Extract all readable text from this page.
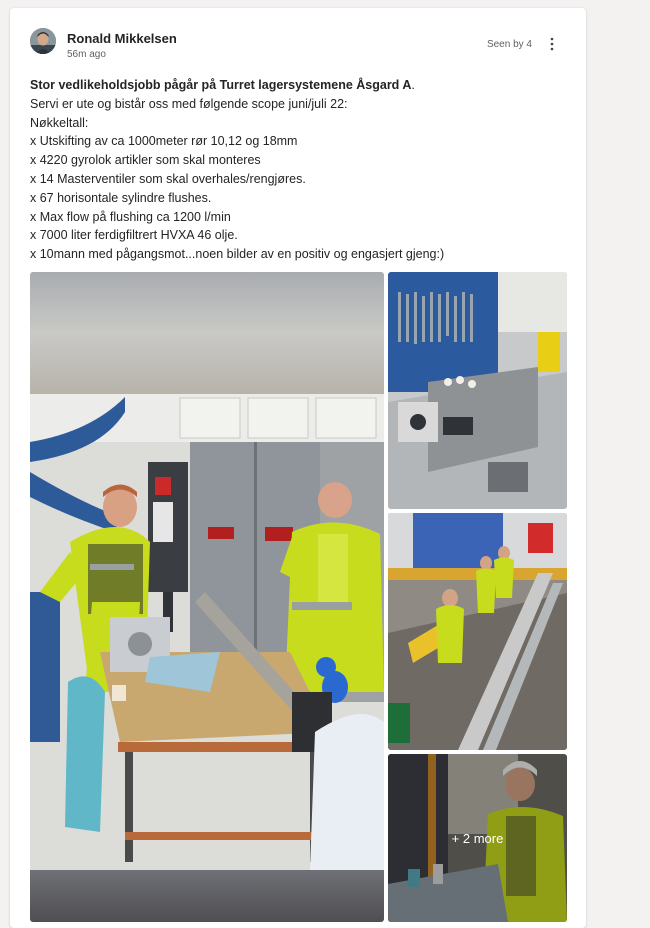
Ronald Mikkelsen
56m ago
Seen by 4
Stor vedlikeholdsjobb pågår på Turret lagersystemene Åsgard A.
Servi er ute og bistår oss med følgende scope juni/juli 22:
Nøkkeltall:
x Utskifting av ca 1000meter rør 10,12 og 18mm
x 4220 gyrolok artikler som skal monteres
x 14 Masterventiler som skal overhales/rengjøres.
x 67 horisontale sylindre flushes.
x Max flow på flushing ca 1200 l/min
x 7000 liter ferdigfiltrert HVXA 46 olje.
x 10mann med pågangsmot...noen bilder av en positiv og engasjert gjeng:)
+ 2 more
